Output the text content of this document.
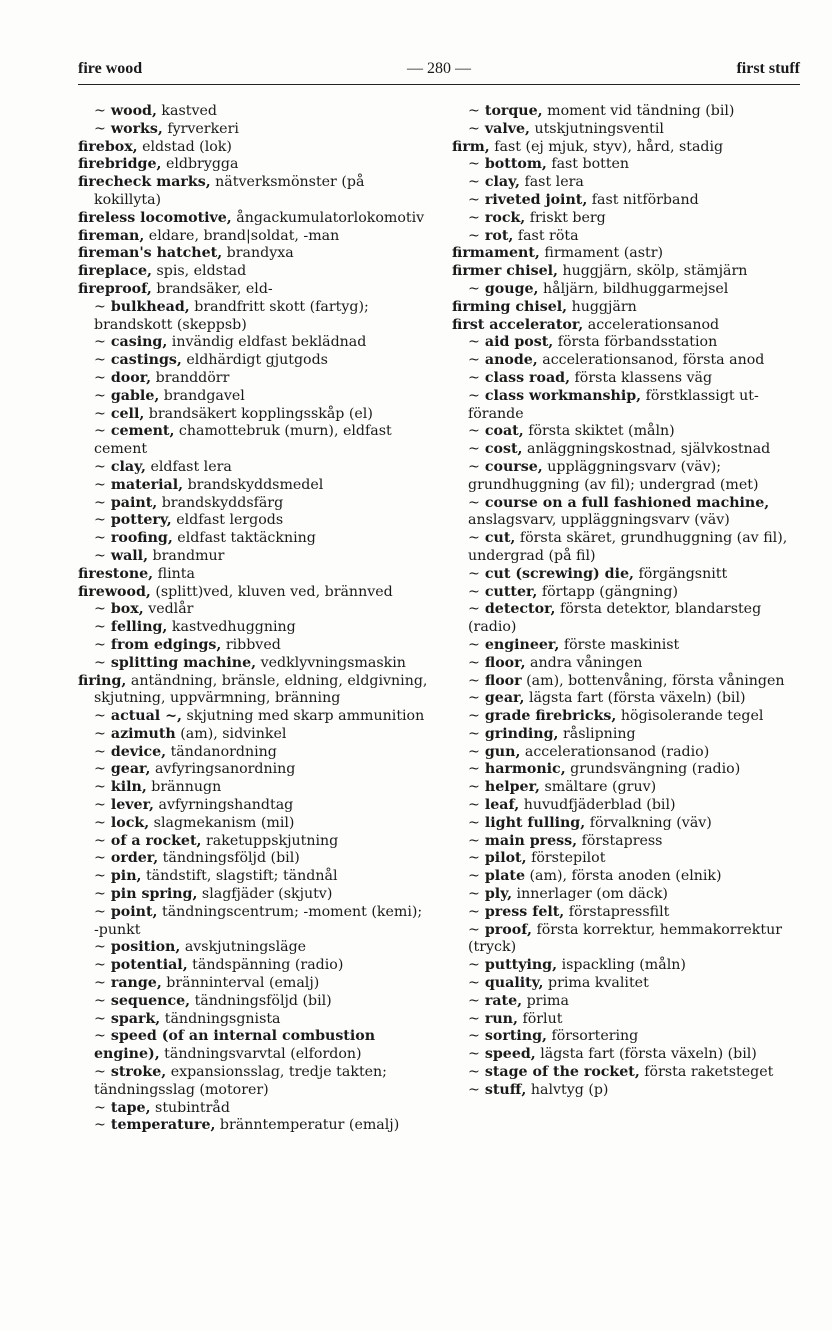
fire wood	— 280 —	first stuff
~ wood, kastved
~ works, fyrverkeri
firebox, eldstad (lok)
firebridge, eldbrygga
firecheck marks, nätverksmönster (på kokillyta)
fireless locomotive, ångackumulatorlokomotiv
fireman, eldare, brand|soldat, -man
fireman's hatchet, brandyxa
fireplace, spis, eldstad
fireproof, brandsäker, eld-
~ bulkhead, brandfritt skott (fartyg); brandskott (skeppsb)
~ casing, invändig eldfast beklädnad
~ castings, eldhärdigt gjutgods
~ door, branddörr
~ gable, brandgavel
~ cell, brandsäkert kopplingsskåp (el)
~ cement, chamottebruk (murn), eldfast cement
~ clay, eldfast lera
~ material, brandskyddsmedel
~ paint, brandskyddsfärg
~ pottery, eldfast lergods
~ roofing, eldfast taktäckning
~ wall, brandmur
firestone, flinta
firewood, (splitt)ved, kluven ved, brännved
~ box, vedlår
~ felling, kastvedhuggning
~ from edgings, ribbved
~ splitting machine, vedklyvningsmaskin
firing, antändning, bränsle, eldning, eldgivning, skjutning, uppvärmning, bränning
~ actual ~, skjutning med skarp ammunition
~ azimuth (am), sidvinkel
~ device, tändanordning
~ gear, avfyringsanordning
~ kiln, brännugn
~ lever, avfyrningshandtag
~ lock, slagmekanism (mil)
~ of a rocket, raketuppskjutning
~ order, tändningsföljd (bil)
~ pin, tändstift, slagstift; tändnål
~ pin spring, slagfjäder (skjutv)
~ point, tändningscentrum; -moment (kemi); -punkt
~ position, avskjutningsläge
~ potential, tändspänning (radio)
~ range, bränninterval (emalj)
~ sequence, tändningsföljd (bil)
~ spark, tändningsgnista
~ speed (of an internal combustion engine), tändningsvarvtal (elfordon)
~ stroke, expansionsslag, tredje takten; tändningsslag (motorer)
~ tape, stubintråd
~ temperature, bränntemperatur (emalj)
~ torque, moment vid tändning (bil)
~ valve, utskjutningsventil
firm, fast (ej mjuk, styv), hård, stadig
~ bottom, fast botten
~ clay, fast lera
~ riveted joint, fast nitförband
~ rock, friskt berg
~ rot, fast röta
firmament, firmament (astr)
firmer chisel, huggjärn, skölp, stämjärn
~ gouge, håljärn, bildhuggarmejsel
firming chisel, huggjärn
first accelerator, accelerationsanod
~ aid post, första förbandsstation
~ anode, accelerationsanod, första anod
~ class road, första klassens väg
~ class workmanship, förstklassigt utförande
~ coat, första skiktet (måln)
~ cost, anläggningskostnad, självkostnad
~ course, uppläggningsvarv (väv); grundhuggning (av fil); undergrad (met)
~ course on a full fashioned machine, anslagsvarv, uppläggningsvarv (väv)
~ cut, första skäret, grundhuggning (av fil), undergrad (på fil)
~ cut (screwing) die, förgängsnitt
~ cutter, förtapp (gängning)
~ detector, första detektor, blandarsteg (radio)
~ engineer, förste maskinist
~ floor, andra våningen
~ floor (am), bottenvåning, första våningen
~ gear, lägsta fart (första växeln) (bil)
~ grade firebricks, högisolerande tegel
~ grinding, råslipning
~ gun, accelerationsanod (radio)
~ harmonic, grundsvängning (radio)
~ helper, smältare (gruv)
~ leaf, huvudfjäderblad (bil)
~ light fulling, förvalkning (väv)
~ main press, förstapress
~ pilot, förstepilot
~ plate (am), första anoden (elnik)
~ ply, innerlager (om däck)
~ press felt, förstapressfilt
~ proof, första korrektur, hemmakorrektur (tryck)
~ puttying, ispackling (måln)
~ quality, prima kvalitet
~ rate, prima
~ run, förlut
~ sorting, försortering
~ speed, lägsta fart (första växeln) (bil)
~ stage of the rocket, första raketsteget
~ stuff, halvtyg (p)
